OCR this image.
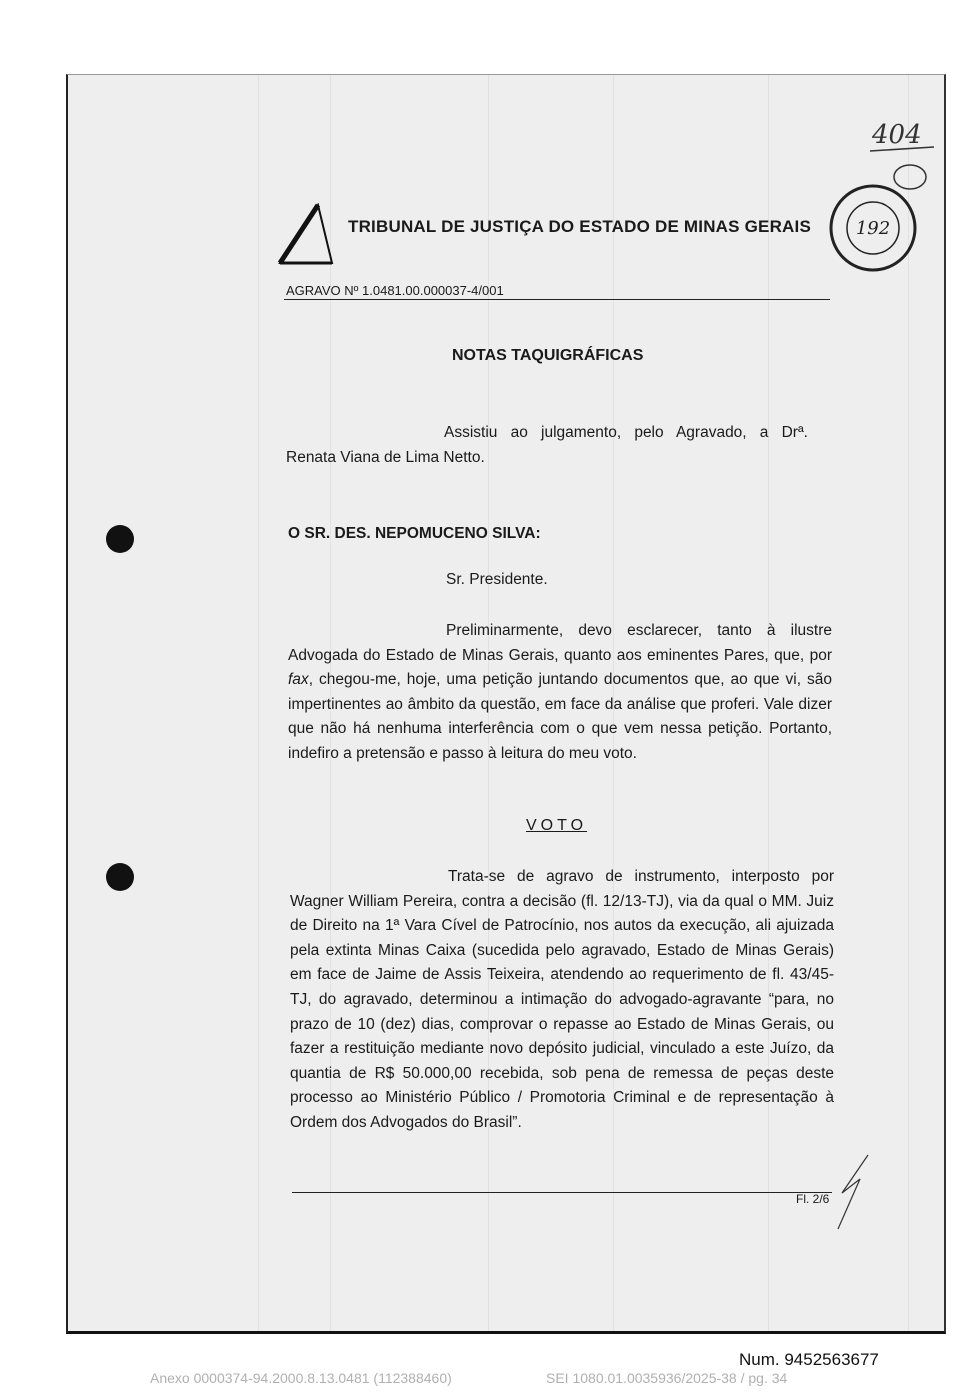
TRIBUNAL DE JUSTIÇA DO ESTADO DE MINAS GERAIS 192
404
AGRAVO Nº 1.0481.00.000037-4/001
NOTAS TAQUIGRÁFICAS
Assistiu ao julgamento, pelo Agravado, a Drª. Renata Viana de Lima Netto.
O SR. DES. NEPOMUCENO SILVA:
Sr. Presidente.
Preliminarmente, devo esclarecer, tanto à ilustre Advogada do Estado de Minas Gerais, quanto aos eminentes Pares, que, por fax, chegou-me, hoje, uma petição juntando documentos que, ao que vi, são impertinentes ao âmbito da questão, em face da análise que proferi. Vale dizer que não há nenhuma interferência com o que vem nessa petição. Portanto, indefiro a pretensão e passo à leitura do meu voto.
VOTO
Trata-se de agravo de instrumento, interposto por Wagner William Pereira, contra a decisão (fl. 12/13-TJ), via da qual o MM. Juiz de Direito na 1ª Vara Cível de Patrocínio, nos autos da execução, ali ajuizada pela extinta Minas Caixa (sucedida pelo agravado, Estado de Minas Gerais) em face de Jaime de Assis Teixeira, atendendo ao requerimento de fl. 43/45-TJ, do agravado, determinou a intimação do advogado-agravante “para, no prazo de 10 (dez) dias, comprovar o repasse ao Estado de Minas Gerais, ou fazer a restituição mediante novo depósito judicial, vinculado a este Juízo, da quantia de R$ 50.000,00 recebida, sob pena de remessa de peças deste processo ao Ministério Público / Promotoria Criminal e de representação à Ordem dos Advogados do Brasil”.
Fl. 2/6
Num. 9452563677
Anexo 0000374-94.2000.8.13.0481 (112388460)	SEI 1080.01.0035936/2025-38 / pg. 34
